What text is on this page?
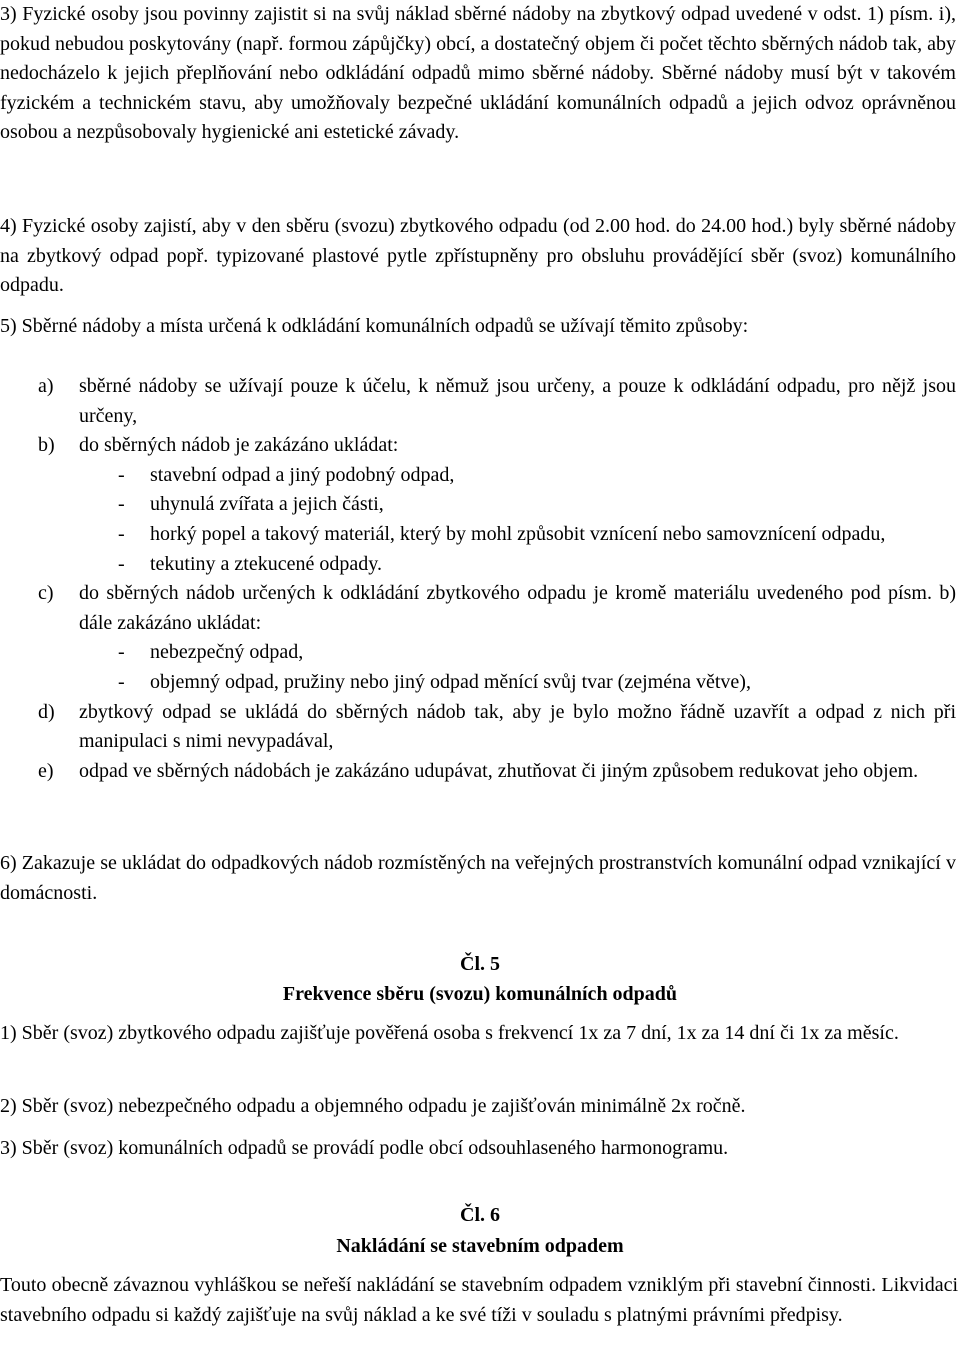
3) Fyzické osoby jsou povinny zajistit si na svůj náklad sběrné nádoby na zbytkový odpad uvedené v odst. 1) písm. i), pokud nebudou poskytovány (např. formou zápůjčky) obcí, a dostatečný objem či počet těchto sběrných nádob tak, aby nedocházelo k jejich přeplňování nebo odkládání odpadů mimo sběrné nádoby. Sběrné nádoby musí být v takovém fyzickém a technickém stavu, aby umožňovaly bezpečné ukládání komunálních odpadů a jejich odvoz oprávněnou osobou a nezpůsobovaly hygienické ani estetické závady.
4) Fyzické osoby zajistí, aby v den sběru (svozu) zbytkového odpadu (od 2.00 hod. do 24.00 hod.) byly sběrné nádoby na zbytkový odpad popř. typizované plastové pytle zpřístupněny pro obsluhu provádějící sběr (svoz) komunálního odpadu.
5) Sběrné nádoby a místa určená k odkládání komunálních odpadů se užívají těmito způsoby:
a)	sběrné nádoby se užívají pouze k účelu, k němuž jsou určeny, a pouze k odkládání odpadu, pro nějž jsou určeny,
b)	do sběrných nádob je zakázáno ukládat:
- stavební odpad a jiný podobný odpad,
- uhynulá zvířata a jejich části,
- horký popel a takový materiál, který by mohl způsobit vznícení nebo samovznícení odpadu,
- tekutiny a ztekucené odpady.
c)	do sběrných nádob určených k odkládání zbytkového odpadu je kromě materiálu uvedeného pod písm. b) dále zakázáno ukládat:
- nebezpečný odpad,
- objemný odpad, pružiny nebo jiný odpad měnící svůj tvar (zejména větve),
d)	zbytkový odpad se ukládá do sběrných nádob tak, aby je bylo možno řádně uzavřít a odpad z nich při manipulaci s nimi nevypadával,
e)	odpad ve sběrných nádobách je zakázáno udupávat, zhutňovat či jiným způsobem redukovat jeho objem.
6) Zakazuje se ukládat do odpadkových nádob rozmístěných na veřejných prostranstvích komunální odpad vznikající v domácnosti.
Čl. 5
Frekvence sběru (svozu) komunálních odpadů
1) Sběr (svoz) zbytkového odpadu zajišťuje pověřená osoba s frekvencí 1x za 7 dní, 1x za 14 dní či 1x za měsíc.
2) Sběr (svoz) nebezpečného odpadu a objemného odpadu je zajišťován minimálně 2x ročně.
3) Sběr (svoz) komunálních odpadů se provádí podle obcí odsouhlaseného harmonogramu.
Čl. 6
Nakládání se stavebním odpadem
Touto obecně závaznou vyhláškou se neřeší nakládání se stavebním odpadem vzniklým při stavební činnosti. Likvidaci stavebního odpadu si každý zajišťuje na svůj náklad a ke své tíži v souladu s platnými právními předpisy.
